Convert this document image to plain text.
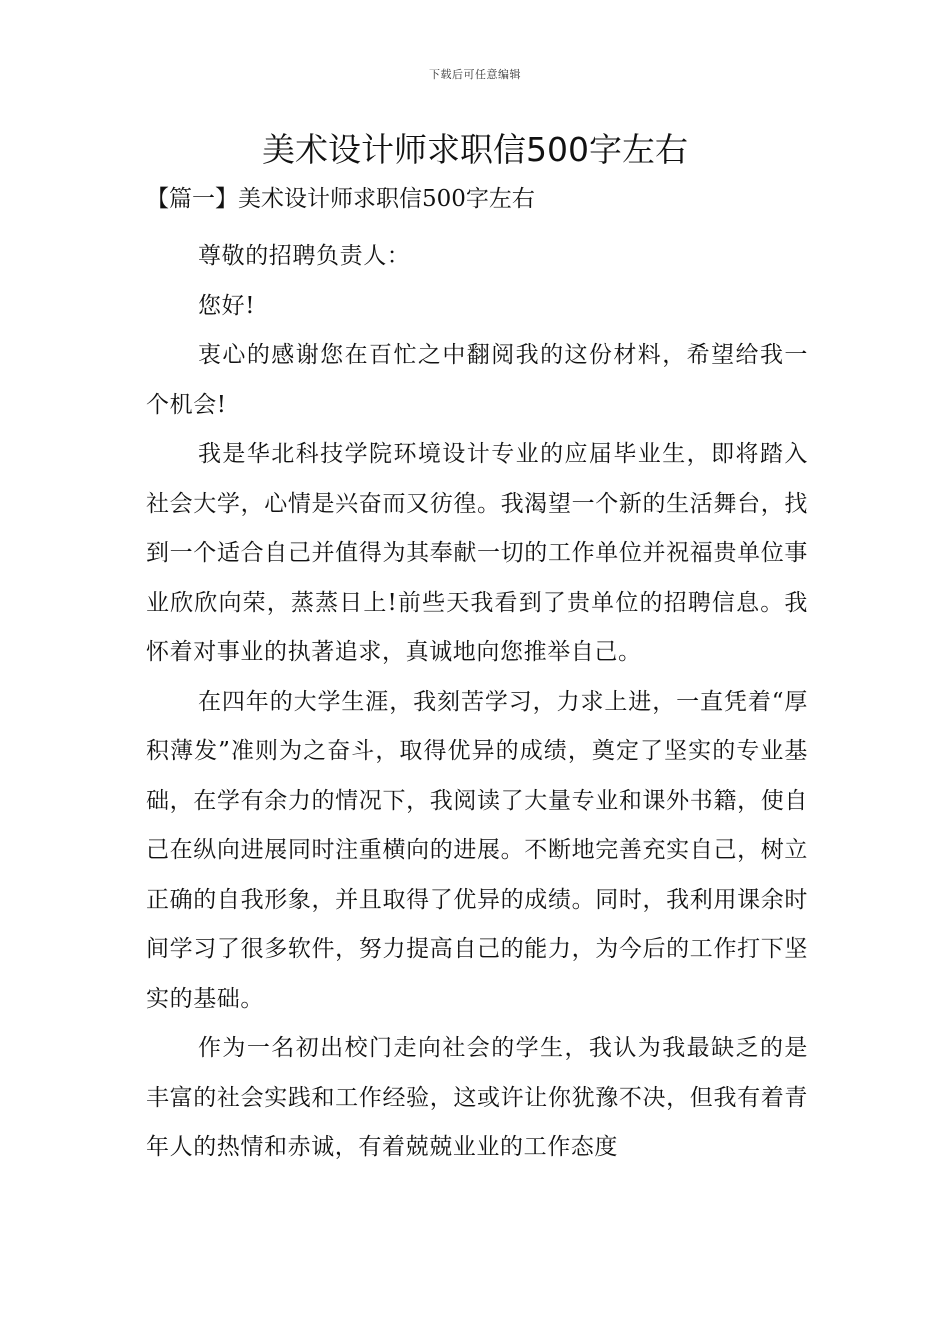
下载后可任意编辑
美术设计师求职信500字左右
【篇一】美术设计师求职信500字左右

尊敬的招聘负责人：

您好!

衷心的感谢您在百忙之中翻阅我的这份材料，希望给我一个机会!

我是华北科技学院环境设计专业的应届毕业生，即将踏入社会大学，心情是兴奋而又彷徨。我渴望一个新的生活舞台，找到一个适合自己并值得为其奉献一切的工作单位并祝福贵单位事业欣欣向荣，蒸蒸日上!前些天我看到了贵单位的招聘信息。我怀着对事业的执著追求，真诚地向您推举自己。

在四年的大学生涯，我刻苦学习，力求上进，一直凭着“厚积薄发”准则为之奋斗，取得优异的成绩，奠定了坚实的专业基础，在学有余力的情况下，我阅读了大量专业和课外书籍，使自己在纵向进展同时注重横向的进展。不断地完善充实自己，树立正确的自我形象，并且取得了优异的成绩。同时，我利用课余时间学习了很多软件，努力提高自己的能力，为今后的工作打下坚实的基础。

作为一名初出校门走向社会的学生，我认为我最缺乏的是丰富的社会实践和工作经验，这或许让你犹豫不决，但我有着青年人的热情和赤诚，有着兢兢业业的工作态度
